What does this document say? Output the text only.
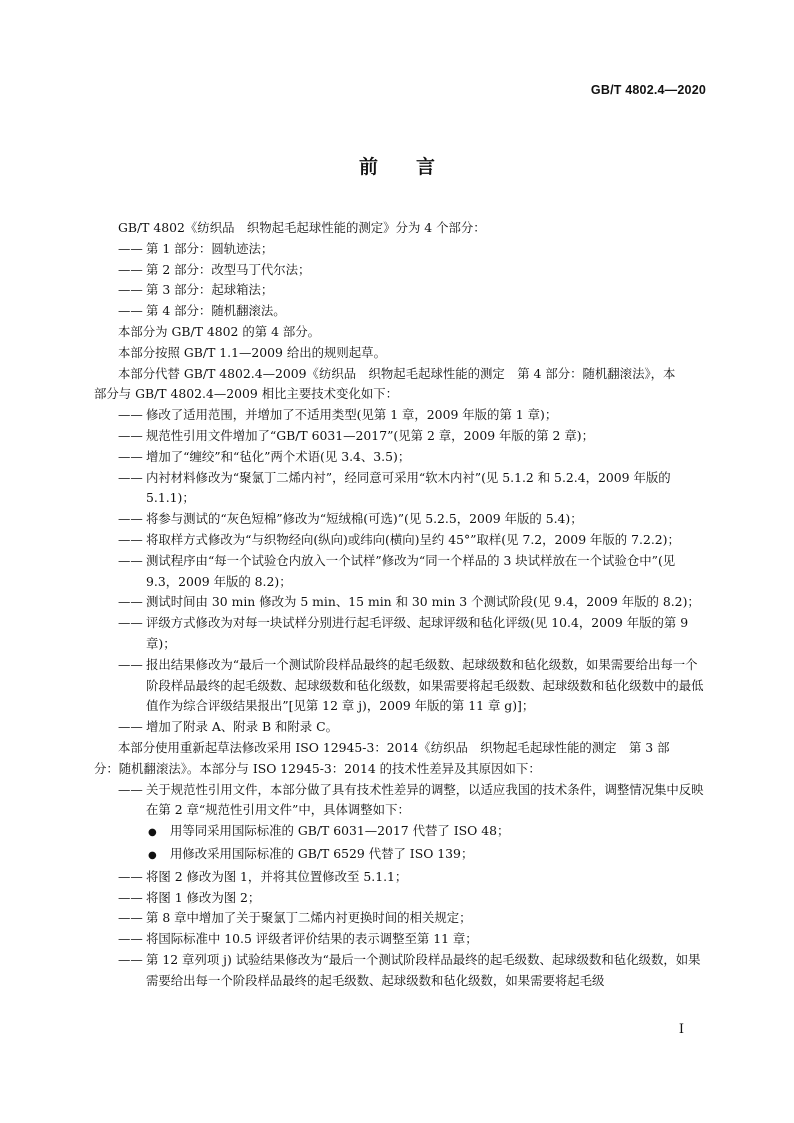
GB/T 4802.4—2020
前言

GB/T 4802《纺织品　织物起毛起球性能的测定》分为 4 个部分：

—— 第 1 部分：圆轨迹法；

—— 第 2 部分：改型马丁代尔法；

—— 第 3 部分：起球箱法；

—— 第 4 部分：随机翻滚法。

本部分为 GB/T 4802 的第 4 部分。

本部分按照 GB/T 1.1—2009 给出的规则起草。

本部分代替 GB/T 4802.4—2009《纺织品　织物起毛起球性能的测定　第 4 部分：随机翻滚法》，本

部分与 GB/T 4802.4—2009 相比主要技术变化如下：

—— 修改了适用范围，并增加了不适用类型(见第 1 章，2009 年版的第 1 章)；

—— 规范性引用文件增加了“GB/T 6031—2017”(见第 2 章，2009 年版的第 2 章)；

—— 增加了“缠绞”和“毡化”两个术语(见 3.4、3.5)；

—— 内衬材料修改为“聚氯丁二烯内衬”，经同意可采用“软木内衬”(见 5.1.2 和 5.2.4，2009 年版的 5.1.1)；

—— 将参与测试的“灰色短棉”修改为“短绒棉(可选)”(见 5.2.5，2009 年版的 5.4)；

—— 将取样方式修改为“与织物经向(纵向)或纬向(横向)呈约 45°”取样(见 7.2，2009 年版的 7.2.2)；

—— 测试程序由“每一个试验仓内放入一个试样”修改为“同一个样品的 3 块试样放在一个试验仓中”(见 9.3，2009 年版的 8.2)；

—— 测试时间由 30 min 修改为 5 min、15 min 和 30 min 3 个测试阶段(见 9.4，2009 年版的 8.2)；

—— 评级方式修改为对每一块试样分别进行起毛评级、起球评级和毡化评级(见 10.4，2009 年版的第 9 章)；

—— 报出结果修改为“最后一个测试阶段样品最终的起毛级数、起球级数和毡化级数，如果需要给出每一个阶段样品最终的起毛级数、起球级数和毡化级数，如果需要将起毛级数、起球级数和毡化级数中的最低值作为综合评级结果报出”[见第 12 章 j)，2009 年版的第 11 章 g)]；

—— 增加了附录 A、附录 B 和附录 C。

本部分使用重新起草法修改采用 ISO 12945-3：2014《纺织品　织物起毛起球性能的测定　第 3 部

分：随机翻滚法》。本部分与 ISO 12945-3：2014 的技术性差异及其原因如下：

—— 关于规范性引用文件，本部分做了具有技术性差异的调整，以适应我国的技术条件，调整情况集中反映在第 2 章“规范性引用文件”中，具体调整如下：

● 用等同采用国际标准的 GB/T 6031—2017 代替了 ISO 48；

● 用修改采用国际标准的 GB/T 6529 代替了 ISO 139；

—— 将图 2 修改为图 1，并将其位置修改至 5.1.1；

—— 将图 1 修改为图 2；

—— 第 8 章中增加了关于聚氯丁二烯内衬更换时间的相关规定；

—— 将国际标准中 10.5 评级者评价结果的表示调整至第 11 章；

—— 第 12 章列项 j) 试验结果修改为“最后一个测试阶段样品最终的起毛级数、起球级数和毡化级数，如果需要给出每一个阶段样品最终的起毛级数、起球级数和毡化级数，如果需要将起毛级

I
